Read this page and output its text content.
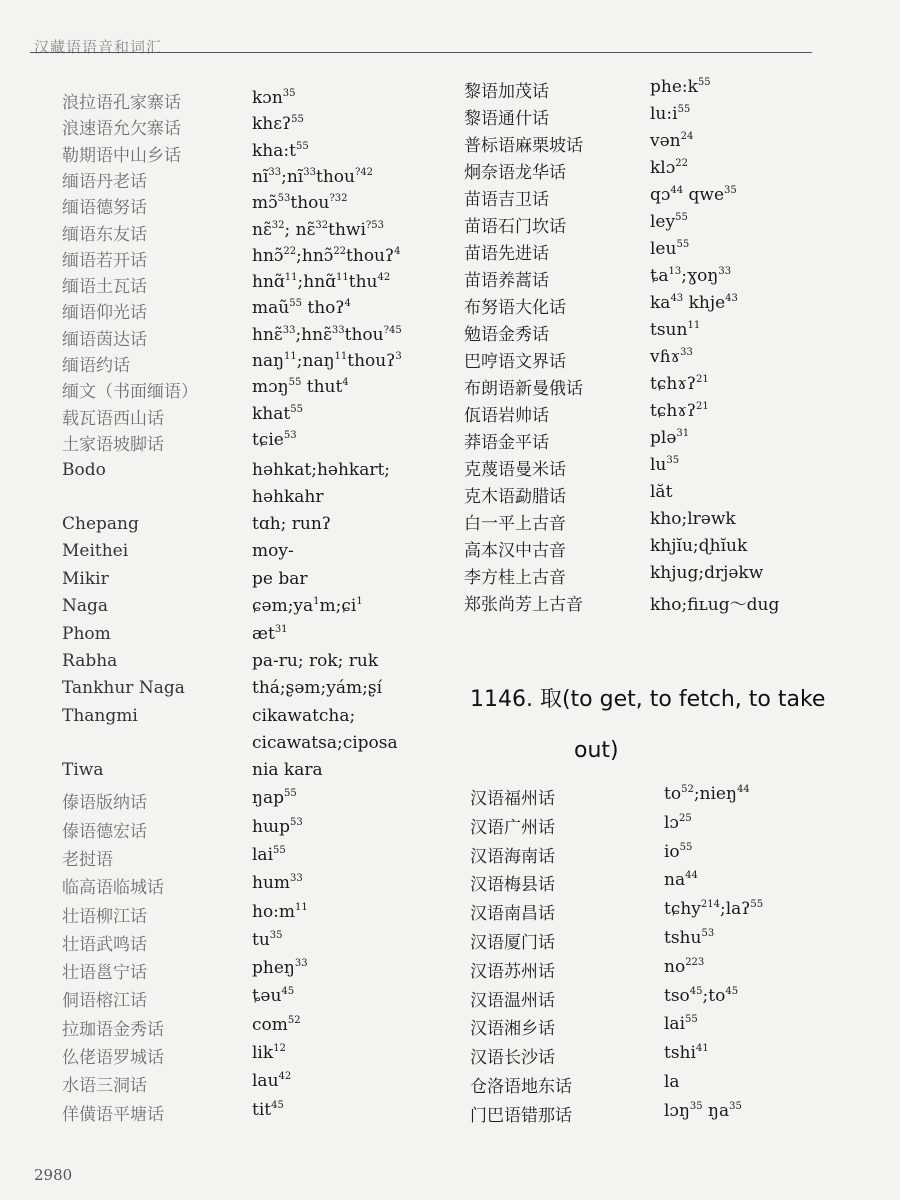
汉藏语语音和词汇
浪拉语孔家寨话	kɔn$^{35}$
浪速语允欠寨话	khɛʔ$^{55}$
勒期语中山乡话	$kha:t^{55}$
缅语丹老话	$nĩ^{33};nĩ^{33}thou^{?42}$
缅语德努话	mɔ̃$^{53}$thou$^{?32}$
缅语东友话	nɛ̃$^{32}$; nɛ̃$^{32}$thwi$^{?53}$
缅语若开话	hnɔ̃$^{22}$;hnɔ̃$^{22}$thouʔ$^4$
缅语土瓦话	hnɑ̃$^{11}$;hnɑ̃$^{11}$thu$^{42}$
缅语仰光话	maũ$^{55}$ thoʔ$^4$
缅语茵达话	hnɛ̃$^{33}$;hnɛ̃$^{33}$thou$^{?45}$
缅语约话	naŋ$^{11}$;naŋ$^{11}$thouʔ$^3$
缅文（书面缅语）	mɔŋ$^{55}$ thut$^4$
载瓦语西山话	khat$^{55}$
土家语坡脚话	tɕie$^{53}$
Bodo	həhkat;həhkart;
həhkahr
Chepang	tɑh; runʔ
Meithei	moy-
Mikir	pe bar
Naga	$ɕəm;ya^1m;ɕi^1$
Phom	$æt^{31}$
Rabha	pa-ru; rok; ruk
Tankhur Naga	thá;ʂəm;yám;ʂí
Thangmi	cikawatcha;
cicawatsa;ciposa
Tiwa	nia kara
傣语版纳话	ŋap$^{55}$
傣语德宏话	hɯp$^{53}$
老挝语	lai$^{55}$
临高语临城话	hum$^{33}$
壮语柳江话	$ho:m^{11}$
壮语武鸣话	$tu^{35}$
壮语邕宁话	pheŋ$^{33}$
侗语榕江话	ȶəu$^{45}$
拉珈语金秀话	com$^{52}$
仫佬语罗城话	lik$^{12}$
水语三洞话	lau$^{42}$
佯僙语平塘话	tit$^{45}$
黎语加茂话	$phe:k^{55}$
黎语通什话	$lu:i^{55}$
普标语麻栗坡话	vən$^{24}$
炯奈语龙华话	klɔ$^{22}$
苗语吉卫话	qɔ$^{44}$ qwe$^{35}$
苗语石门坎话	ley$^{55}$
苗语先进话	leu$^{55}$
苗语养蒿话	$ȶa^{13};ɣoŋ^{33}$
布努语大化话	$ka^{43}$ khje$^{43}$
勉语金秀话	tsun$^{11}$
巴哼语文界话	vɦɤ$^{33}$
布朗语新曼俄话	tɕhɤʔ$^{21}$
佤语岩帅话	tɕhɤʔ$^{21}$
莽语金平话	plə$^{31}$
克蔑语曼米话	$lu^{35}$
克木语勐腊话	lăt
白一平上古音	kho;lrəwk
高本汉中古音	khjĭu;ɖhĭuk
李方桂上古音	khjug;drjəkw
郑张尚芳上古音	kho;fiʟug～dug
1146. 取(to get, to fetch, to take
out)
汉语福州话	$to^{52};nieŋ^{44}$
汉语广州话	lɔ$^{25}$
汉语海南话	$io^{55}$
汉语梅县话	$na^{44}$
汉语南昌话	tɕhy$^{214}$;laʔ$^{55}$
汉语厦门话	tshu$^{53}$
汉语苏州话	$no^{223}$
汉语温州话	$tso^{45};to^{45}$
汉语湘乡话	lai$^{55}$
汉语长沙话	tshi$^{41}$
仓洛语地东话	la
门巴语错那话	lɔŋ$^{35}$ $ŋa^{35}$
2980
